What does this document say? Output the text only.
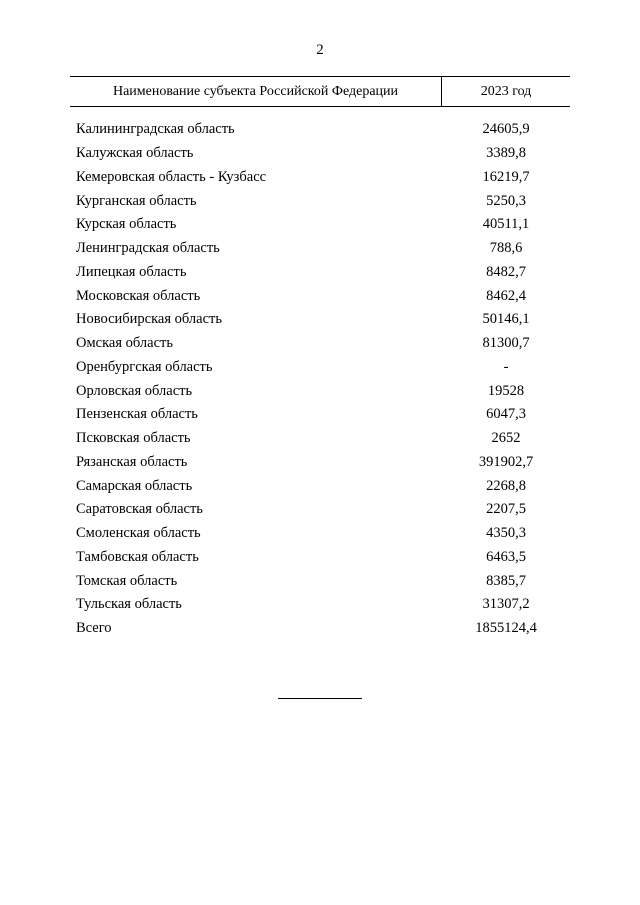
2
Наименование субъекта Российской Федерации	2023 год
Калининградская область	24605,9
Калужская область	3389,8
Кемеровская область - Кузбасс	16219,7
Курганская область	5250,3
Курская область	40511,1
Ленинградская область	788,6
Липецкая область	8482,7
Московская область	8462,4
Новосибирская область	50146,1
Омская область	81300,7
Оренбургская область	-
Орловская область	19528
Пензенская область	6047,3
Псковская область	2652
Рязанская область	391902,7
Самарская область	2268,8
Саратовская область	2207,5
Смоленская область	4350,3
Тамбовская область	6463,5
Томская область	8385,7
Тульская область	31307,2
Всего	1855124,4
